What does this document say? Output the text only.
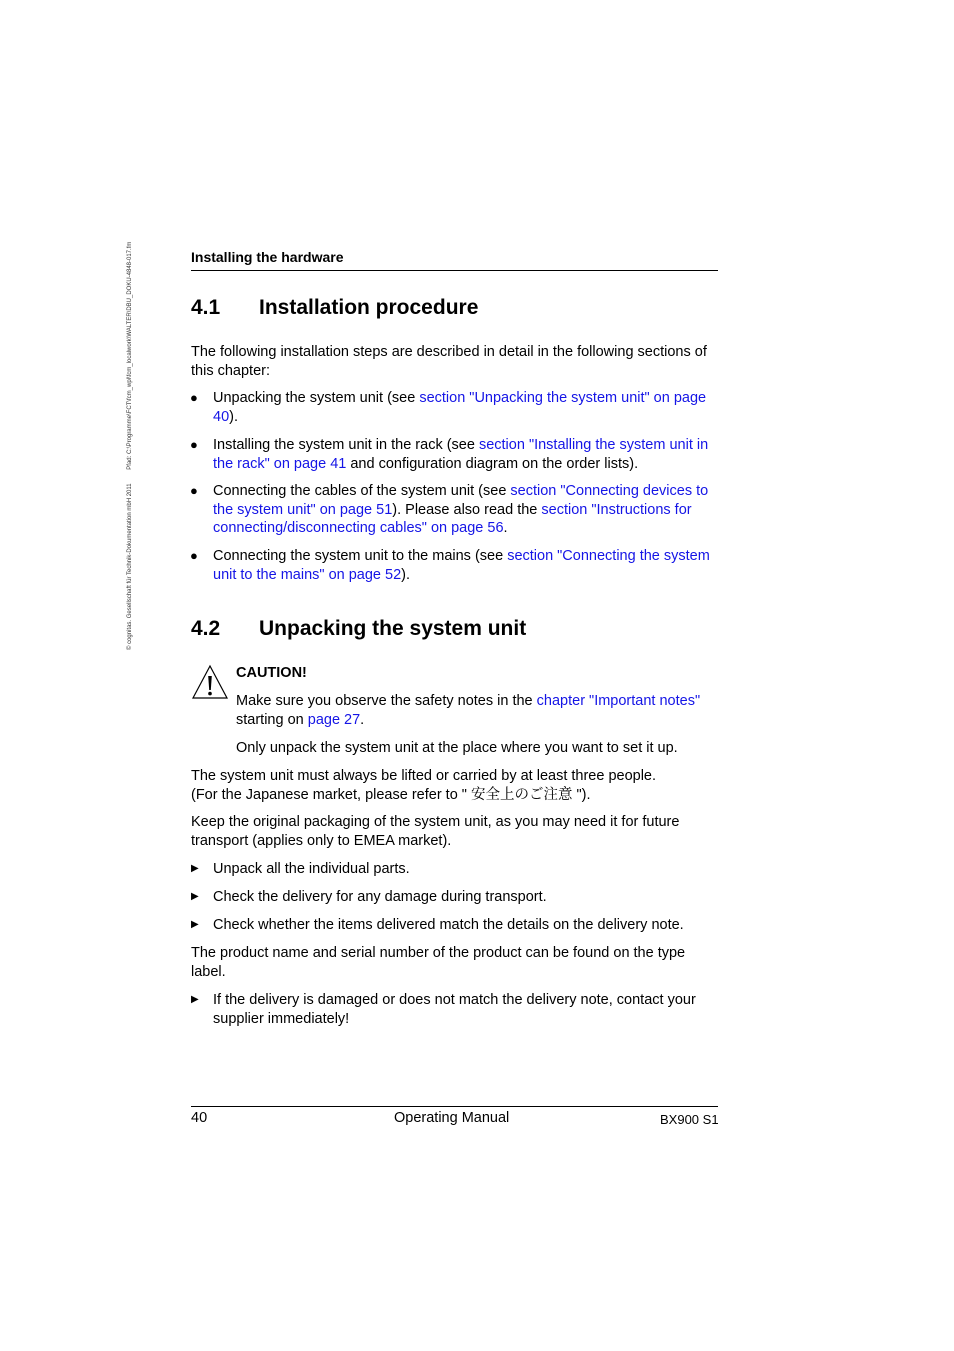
© cognitas. Gesellschaft für Technik-Dokumentation mbH 2011 Pfad: C:\Programme\FCT\fcm_wpl\fcm_localwork\WALTER\DBU_DOKU-4848-017.fm	Installing the hardware
4.1 Installation procedure

The following installation steps are described in detail in the following sections of this chapter:

● Unpacking the system unit (see section "Unpacking the system unit" on page 40).

● Installing the system unit in the rack (see section "Installing the system unit in the rack" on page 41 and configuration diagram on the order lists).

● Connecting the cables of the system unit (see section "Connecting devices to the system unit" on page 51). Please also read the section "Instructions for connecting/disconnecting cables" on page 56.

● Connecting the system unit to the mains (see section "Connecting the system unit to the mains" on page 52).

4.2 Unpacking the system unit

CAUTION!

Make sure you observe the safety notes in the chapter "Important notes" starting on page 27.

Only unpack the system unit at the place where you want to set it up.

The system unit must always be lifted or carried by at least three people.

(For the Japanese market, please refer to " 安全上のご注意 ").

Keep the original packaging of the system unit, as you may need it for future transport (applies only to EMEA market).

▶ Unpack all the individual parts.

▶ Check the delivery for any damage during transport.

▶ Check whether the items delivered match the details on the delivery note.

The product name and serial number of the product can be found on the type label.

▶ If the delivery is damaged or does not match the delivery note, contact your supplier immediately!

40	Operating Manual	BX900 S1
